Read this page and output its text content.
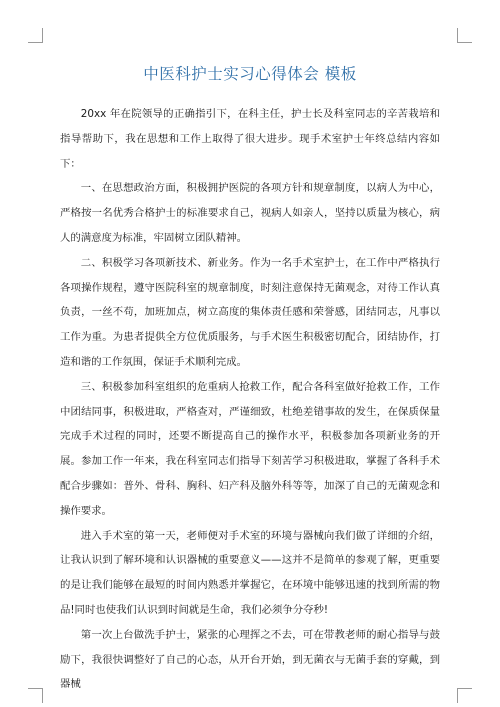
中医科护士实习心得体会 模板

20xx 年在院领导的正确指引下，在科主任，护士长及科室同志的辛苦栽培和指导帮助下，我在思想和工作上取得了很大进步。现手术室护士年终总结内容如下：

一、在思想政治方面，积极拥护医院的各项方针和规章制度，以病人为中心，严格按一名优秀合格护士的标准要求自己，视病人如亲人，坚持以质量为核心，病人的满意度为标准，牢固树立团队精神。

二、积极学习各项新技术、新业务。作为一名手术室护士，在工作中严格执行各项操作规程，遵守医院科室的规章制度，时刻注意保持无菌观念，对待工作认真负责，一丝不苟，加班加点，树立高度的集体责任感和荣誉感，团结同志，凡事以工作为重。为患者提供全方位优质服务，与手术医生积极密切配合，团结协作，打造和谐的工作氛围，保证手术顺利完成。

三、积极参加科室组织的危重病人抢救工作，配合各科室做好抢救工作，工作中团结同事，积极进取，严格查对，严谨细致，杜绝差错事故的发生，在保质保量完成手术过程的同时，还要不断提高自己的操作水平，积极参加各项新业务的开展。参加工作一年来，我在科室同志们指导下刻苦学习积极进取，掌握了各科手术配合步骤如：普外、骨科、胸科、妇产科及脑外科等等，加深了自己的无菌观念和操作要求。

进入手术室的第一天，老师便对手术室的环境与器械向我们做了详细的介绍，让我认识到了解环境和认识器械的重要意义——这并不是简单的参观了解，更重要的是让我们能够在最短的时间内熟悉并掌握它，在环境中能够迅速的找到所需的物品!同时也使我们认识到时间就是生命，我们必须争分夺秒!

第一次上台做洗手护士，紧张的心理挥之不去，可在带教老师的耐心指导与鼓励下，我很快调整好了自己的心态，从开台开始，到无菌衣与无菌手套的穿戴，到器械
